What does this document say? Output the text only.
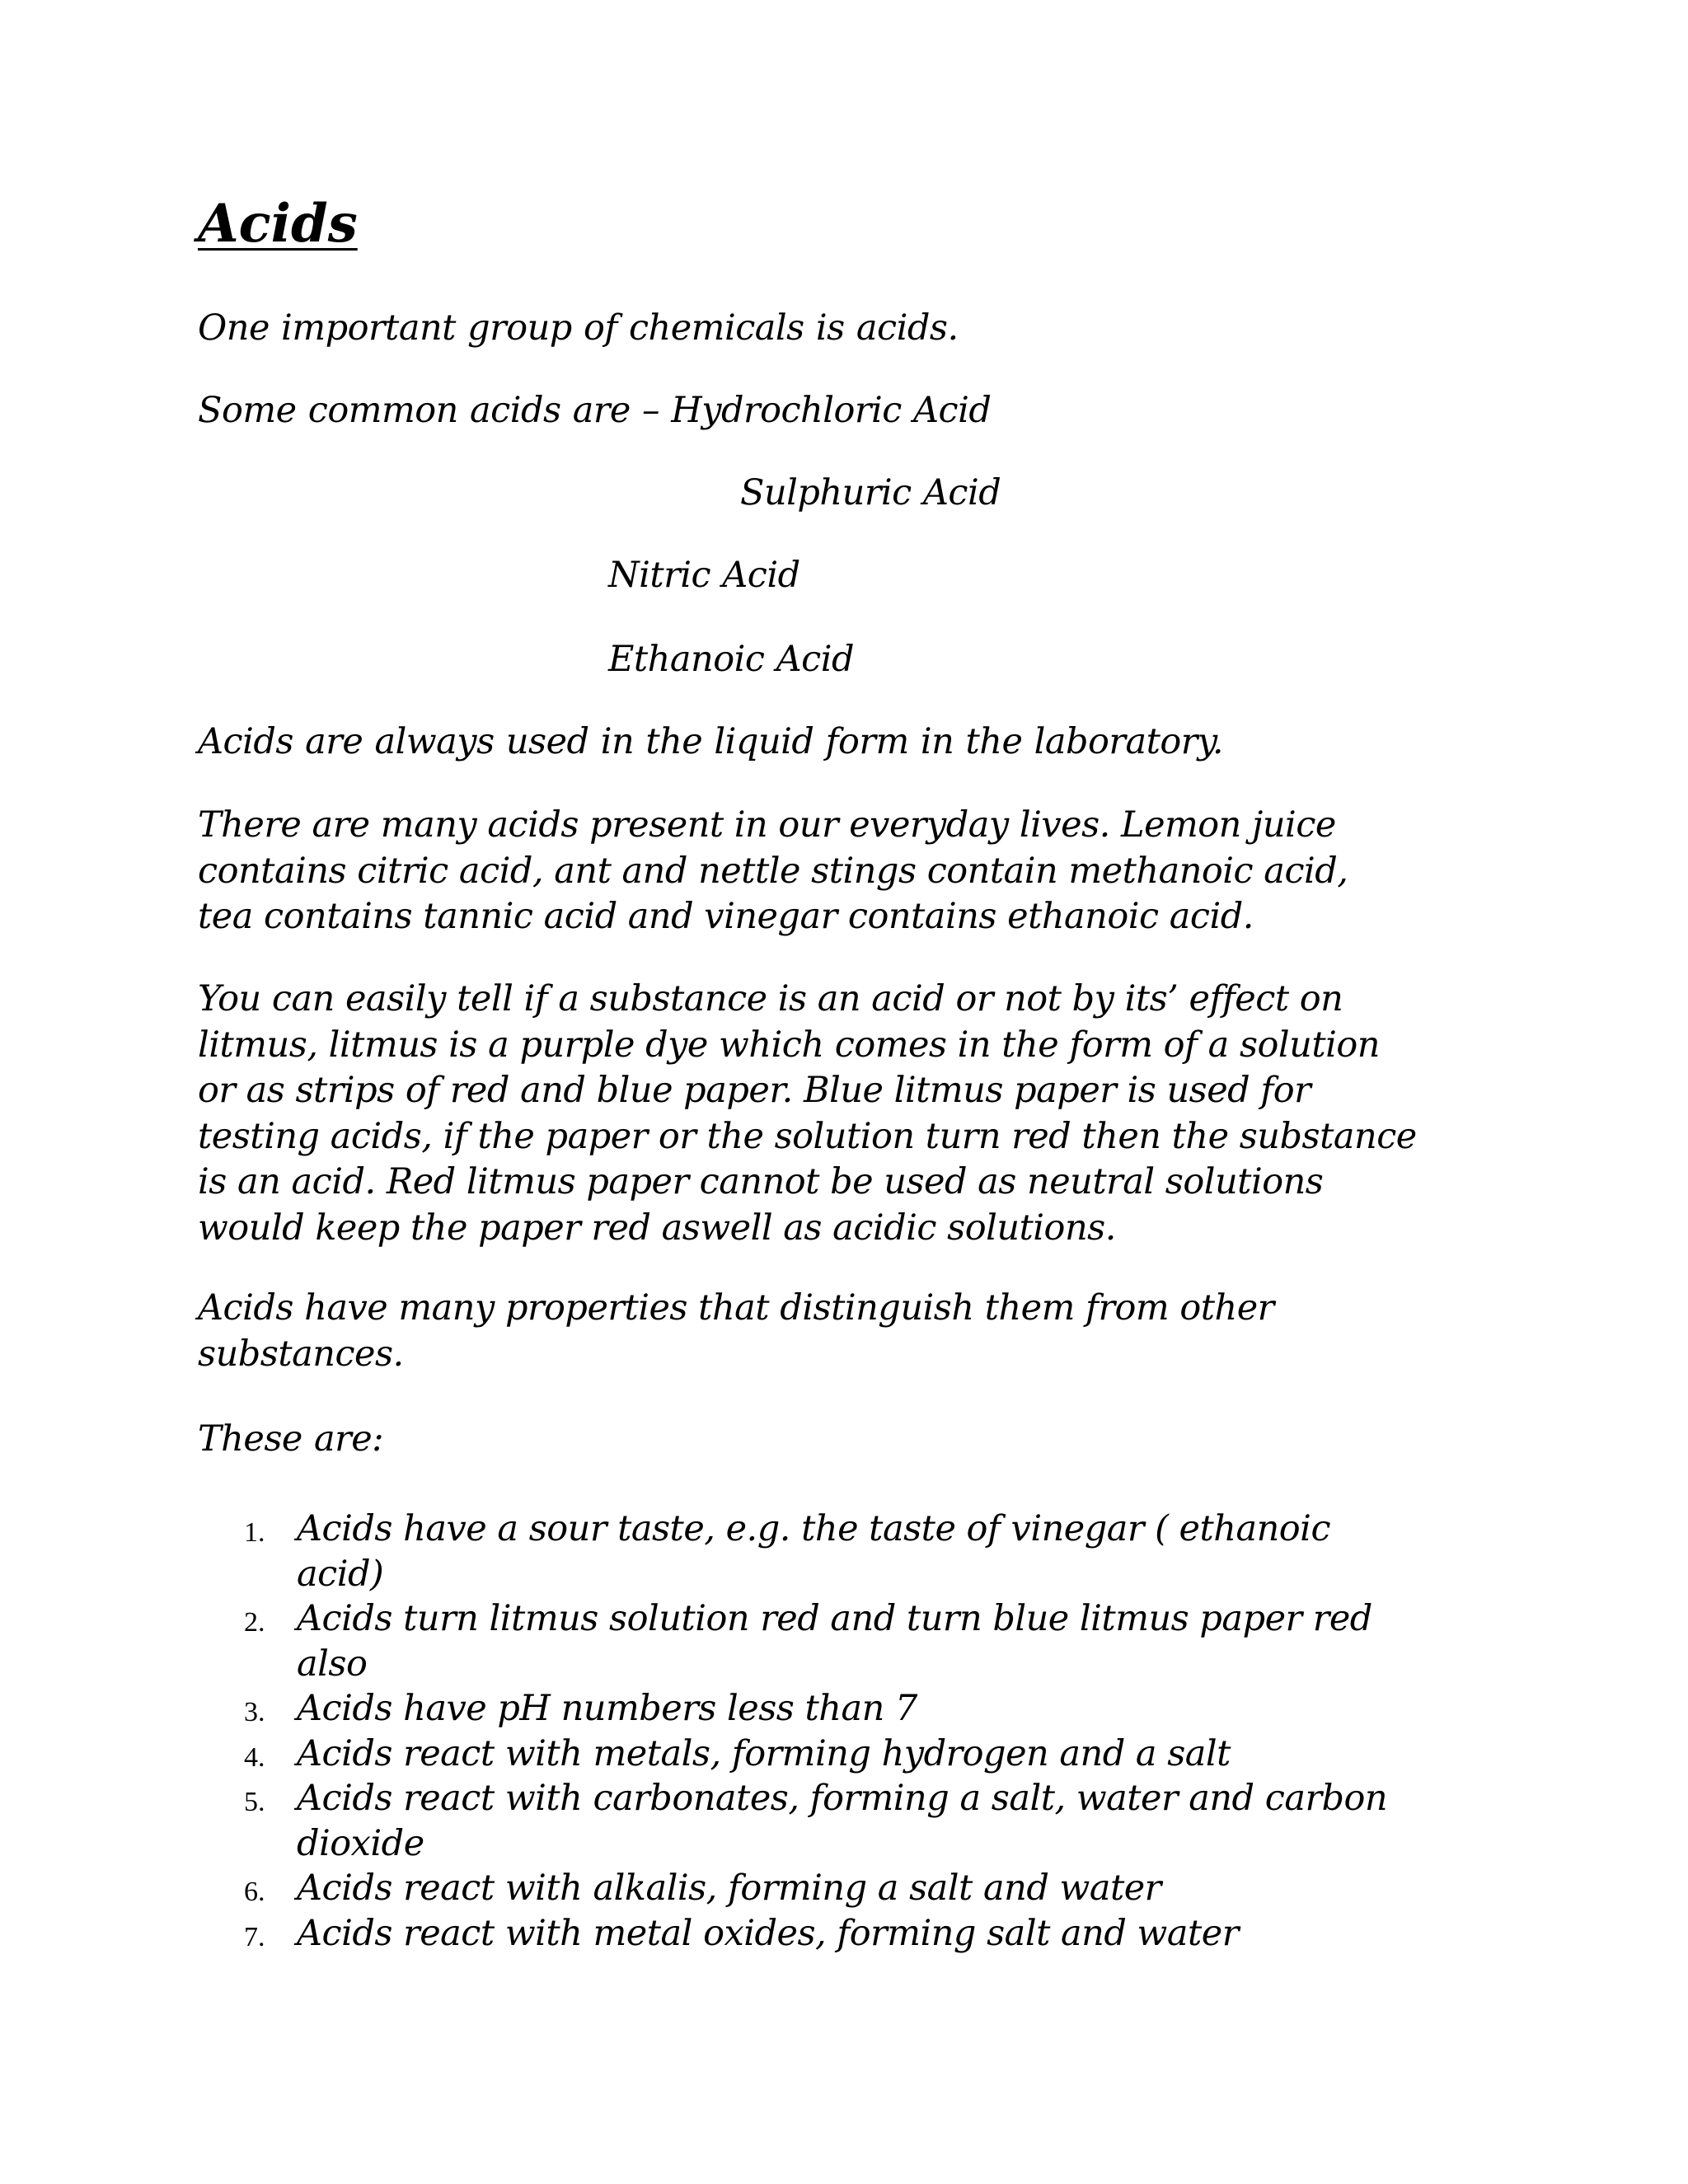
Acids

One important group of chemicals is acids.

Some common acids are – Hydrochloric Acid

Sulphuric Acid

Nitric Acid

Ethanoic Acid

Acids are always used in the liquid form in the laboratory.

There are many acids present in our everyday lives. Lemon juice
contains citric acid, ant and nettle stings contain methanoic acid,
tea contains tannic acid and vinegar contains ethanoic acid.
You can easily tell if a substance is an acid or not by its’ effect on
litmus, litmus is a purple dye which comes in the form of a solution
or as strips of red and blue paper. Blue litmus paper is used for
testing acids, if the paper or the solution turn red then the substance
is an acid. Red litmus paper cannot be used as neutral solutions
would keep the paper red aswell as acidic solutions.
Acids have many properties that distinguish them from other
substances.

These are:

1. Acids have a sour taste, e.g. the taste of vinegar ( ethanoic
acid)
2. Acids turn litmus solution red and turn blue litmus paper red
also
3. Acids have pH numbers less than 7
4. Acids react with metals, forming hydrogen and a salt
5. Acids react with carbonates, forming a salt, water and carbon
dioxide
6. Acids react with alkalis, forming a salt and water
7. Acids react with metal oxides, forming salt and water
